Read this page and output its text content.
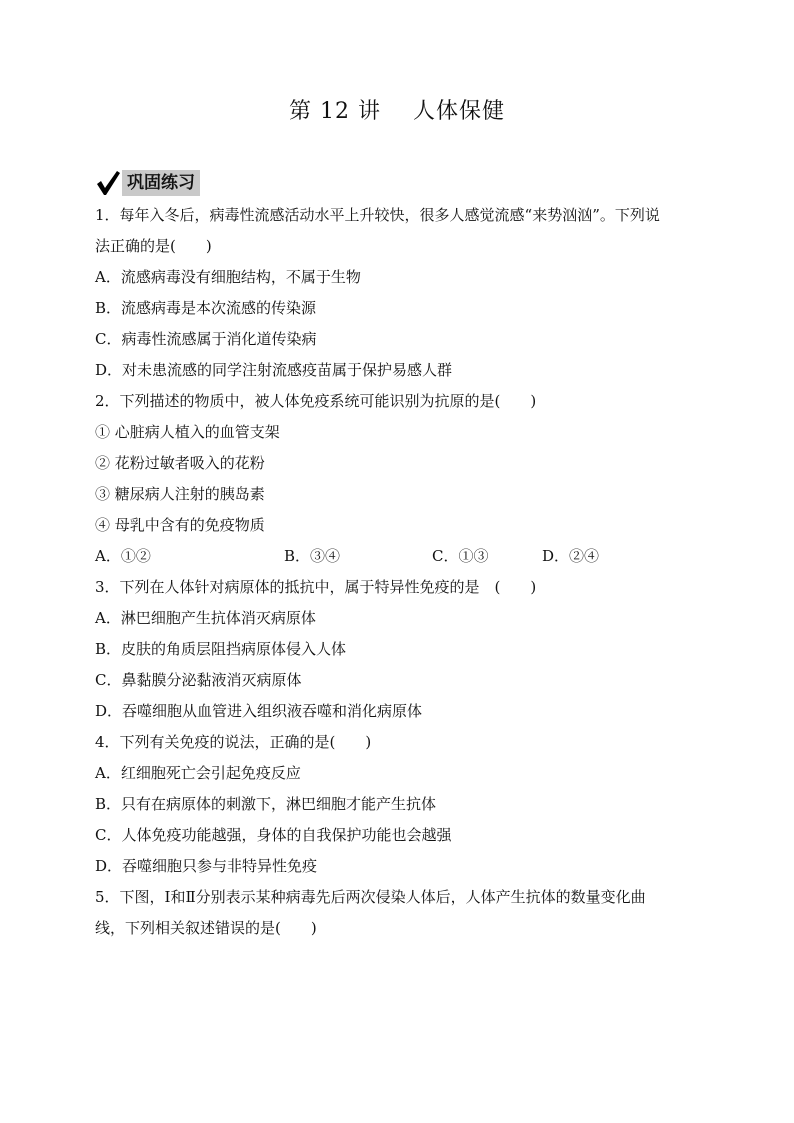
第 12 讲    人体保健
巩固练习
1．每年入冬后，病毒性流感活动水平上升较快，很多人感觉流感“来势汹汹”。下列说
法正确的是(　　)
A．流感病毒没有细胞结构，不属于生物
B．流感病毒是本次流感的传染源
C．病毒性流感属于消化道传染病
D．对未患流感的同学注射流感疫苗属于保护易感人群
2．下列描述的物质中，被人体免疫系统可能识别为抗原的是(　　)
① 心脏病人植入的血管支架
② 花粉过敏者吸入的花粉
③ 糖尿病人注射的胰岛素
④ 母乳中含有的免疫物质
A．①②	B．③④	C．①③	D．②④
3．下列在人体针对病原体的抵抗中，属于特异性免疫的是　(　　)
A．淋巴细胞产生抗体消灭病原体
B．皮肤的角质层阻挡病原体侵入人体
C．鼻黏膜分泌黏液消灭病原体
D．吞噬细胞从血管进入组织液吞噬和消化病原体
4．下列有关免疫的说法，正确的是(　　)
A．红细胞死亡会引起免疫反应
B．只有在病原体的刺激下，淋巴细胞才能产生抗体
C．人体免疫功能越强，身体的自我保护功能也会越强
D．吞噬细胞只参与非特异性免疫
5．下图，Ⅰ和Ⅱ分别表示某种病毒先后两次侵染人体后，人体产生抗体的数量变化曲
线，下列相关叙述错误的是(　　)
